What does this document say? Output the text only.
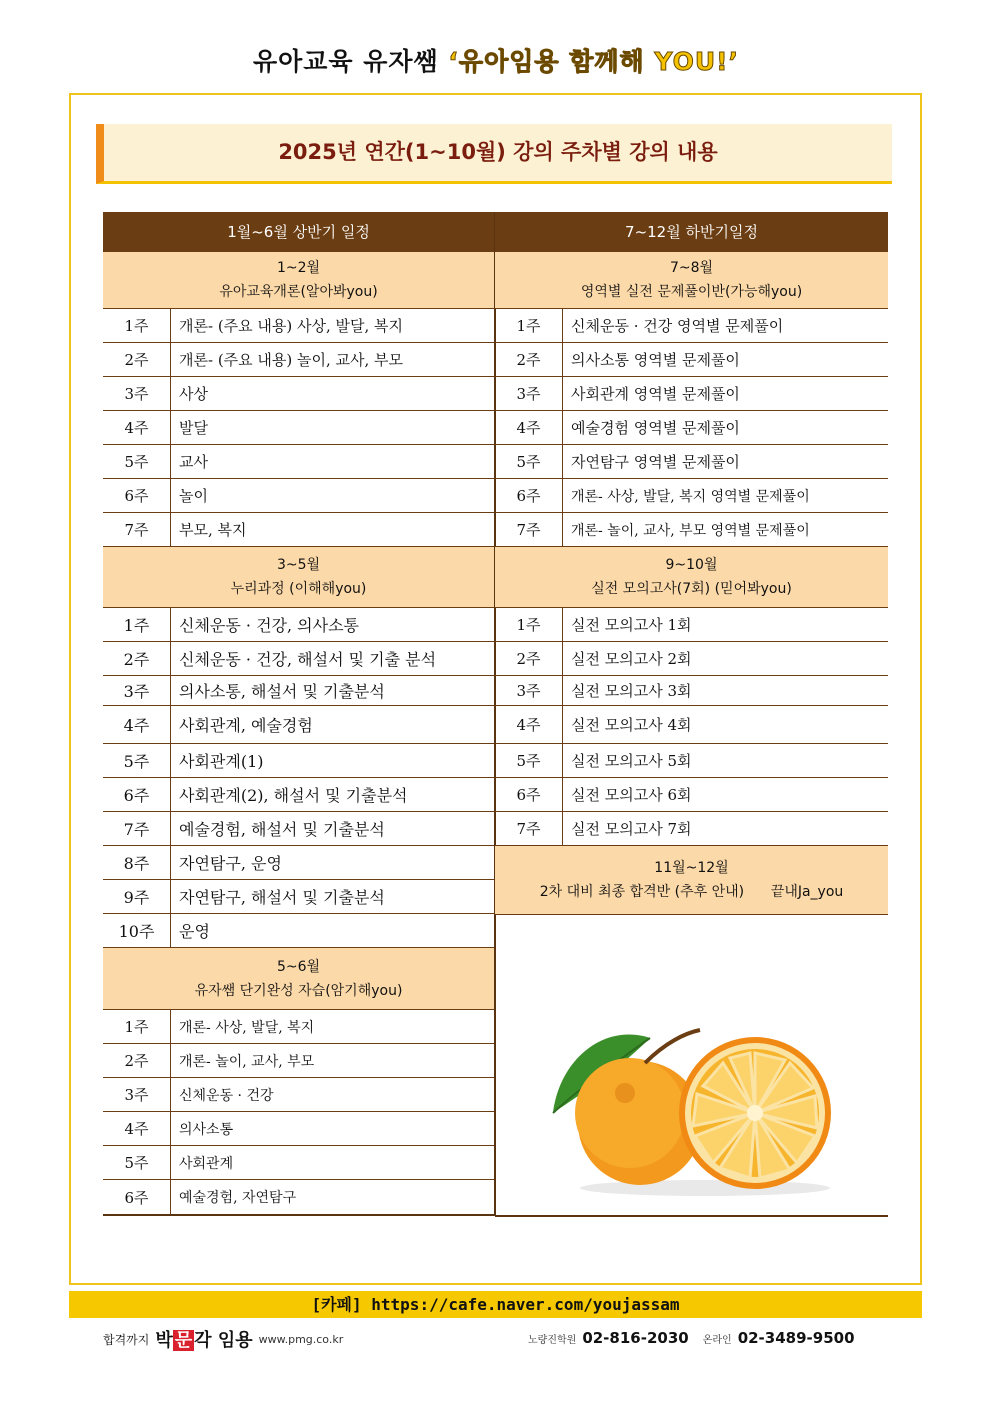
유아교육 유자쌤 ‘유아임용 함께해 YOU!’
2025년 연간(1~10월) 강의 주차별 강의 내용
1월~6월 상반기 일정
1~2월
유아교육개론(알아봐you)
1주	개론- (주요 내용) 사상, 발달, 복지
2주	개론- (주요 내용) 놀이, 교사, 부모
3주	사상
4주	발달
5주	교사
6주	놀이
7주	부모, 복지
3~5월
누리과정 (이해해you)
1주	신체운동 · 건강, 의사소통
2주	신체운동 · 건강, 해설서 및 기출 분석
3주	의사소통, 해설서 및 기출분석
4주	사회관계, 예술경험
5주	사회관계(1)
6주	사회관계(2), 해설서 및 기출분석
7주	예술경험, 해설서 및 기출분석
8주	자연탐구, 운영
9주	자연탐구, 해설서 및 기출분석
10주	운영
5~6월
유자쌤 단기완성 자습(암기해you)
1주	개론- 사상, 발달, 복지
2주	개론- 놀이, 교사, 부모
3주	신체운동 · 건강
4주	의사소통
5주	사회관계
6주	예술경험, 자연탐구
7~12월 하반기일정
7~8월
영역별 실전 문제풀이반(가능해you)
1주	신체운동 · 건강 영역별 문제풀이
2주	의사소통 영역별 문제풀이
3주	사회관계 영역별 문제풀이
4주	예술경험 영역별 문제풀이
5주	자연탐구 영역별 문제풀이
6주	개론- 사상, 발달, 복지 영역별 문제풀이
7주	개론- 놀이, 교사, 부모 영역별 문제풀이
9~10월
실전 모의고사(7회) (믿어봐you)
1주	실전 모의고사 1회
2주	실전 모의고사 2회
3주	실전 모의고사 3회
4주	실전 모의고사 4회
5주	실전 모의고사 5회
6주	실전 모의고사 6회
7주	실전 모의고사 7회
11월~12월
2차 대비 최종 합격반 (추후 안내)      끝내Ja_you
[카페] https://cafe.naver.com/youjassam
합격까지 박 문 각 임용 www.pmg.co.kr	노량진학원 02-816-2030 온라인 02-3489-9500
